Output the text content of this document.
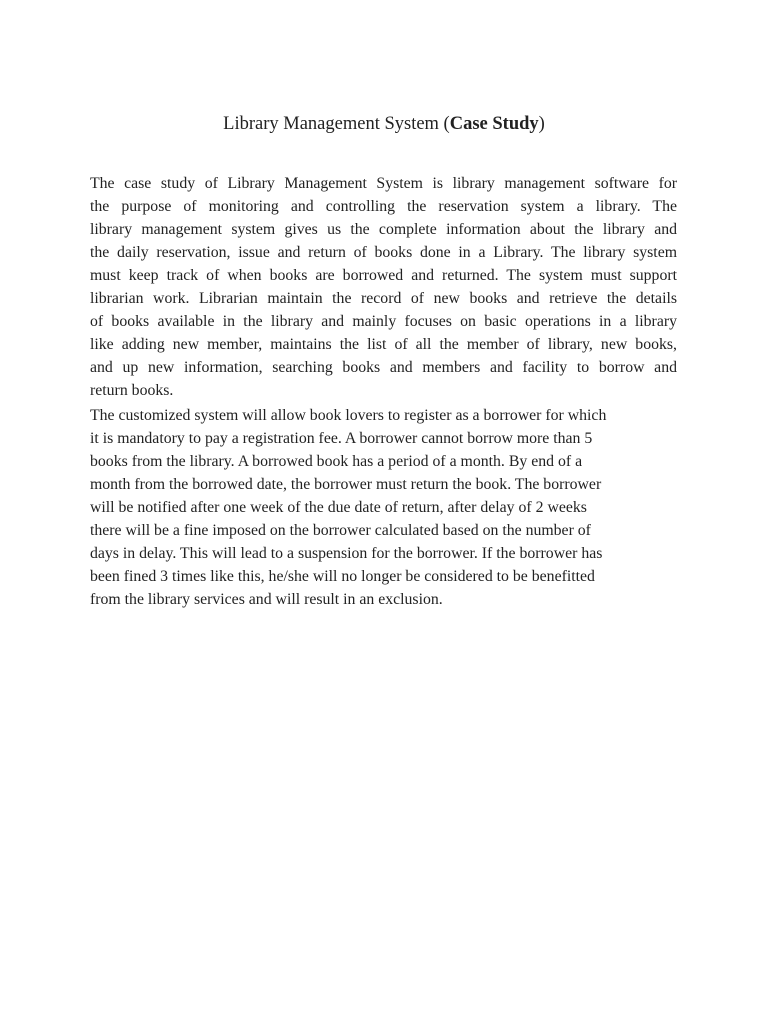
Library Management System (Case Study)
The case study of Library Management System is library management software for
the purpose of monitoring and controlling the reservation system a library. The
library management system gives us the complete information about the library and
the daily reservation, issue and return of books done in a Library. The library system
must keep track of when books are borrowed and returned. The system must support
librarian work. Librarian maintain the record of new books and retrieve the details
of books available in the library and mainly focuses on basic operations in a library
like adding new member, maintains the list of all the member of library, new books,
and up new information, searching books and members and facility to borrow and
return books.
The customized system will allow book lovers to register as a borrower for which
it is mandatory to pay a registration fee. A borrower cannot borrow more than 5
books from the library. A borrowed book has a period of a month. By end of a
month from the borrowed date, the borrower must return the book. The borrower
will be notified after one week of the due date of return, after delay of 2 weeks
there will be a fine imposed on the borrower calculated based on the number of
days in delay. This will lead to a suspension for the borrower. If the borrower has
been fined 3 times like this, he/she will no longer be considered to be benefitted
from the library services and will result in an exclusion.
